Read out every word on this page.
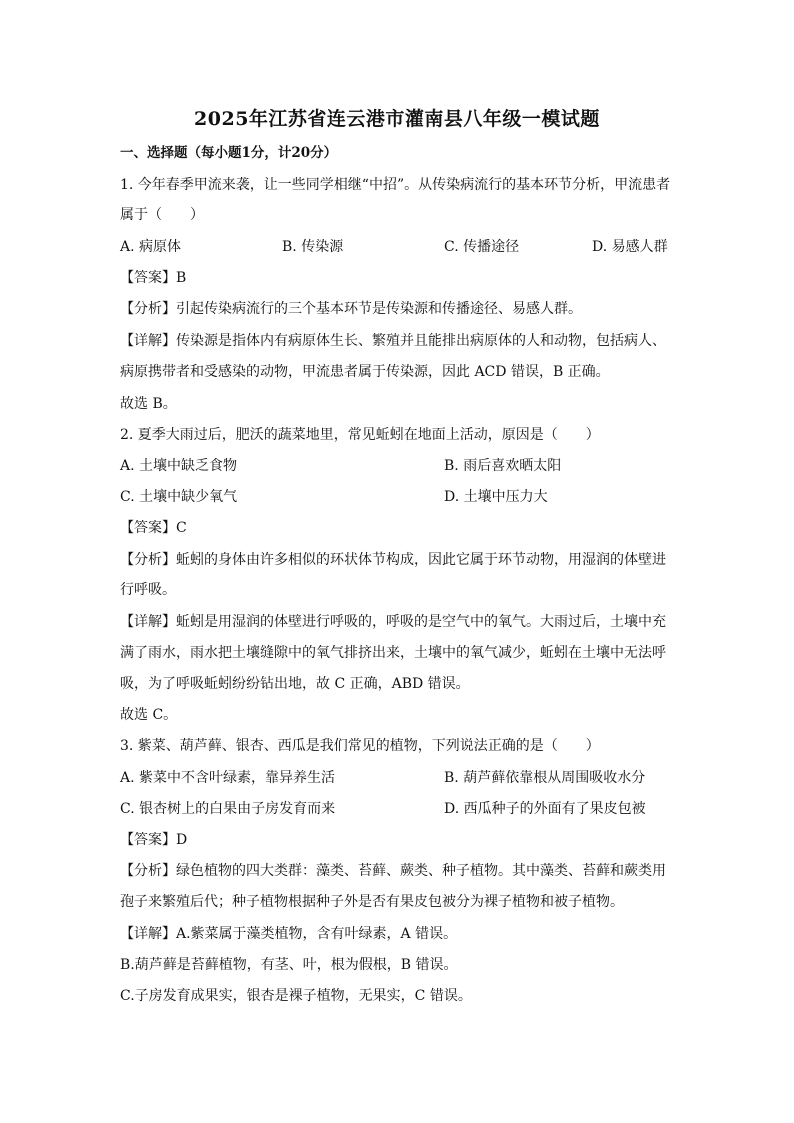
2025年江苏省连云港市灌南县八年级一模试题
一、选择题（每小题1分，计20分）
1. 今年春季甲流来袭，让一些同学相继“中招”。从传染病流行的基本环节分析，甲流患者
属于（　　）
A. 病原体	B. 传染源	C. 传播途径	D. 易感人群
【答案】B
【分析】引起传染病流行的三个基本环节是传染源和传播途径、易感人群。
【详解】传染源是指体内有病原体生长、繁殖并且能排出病原体的人和动物，包括病人、
病原携带者和受感染的动物，甲流患者属于传染源，因此 ACD 错误，B 正确。
故选 B。
2. 夏季大雨过后，肥沃的蔬菜地里，常见蚯蚓在地面上活动，原因是（　　）
A. 土壤中缺乏食物	B. 雨后喜欢晒太阳
C. 土壤中缺少氧气	D. 土壤中压力大
【答案】C
【分析】蚯蚓的身体由许多相似的环状体节构成，因此它属于环节动物，用湿润的体壁进
行呼吸。
【详解】蚯蚓是用湿润的体壁进行呼吸的，呼吸的是空气中的氧气。大雨过后，土壤中充
满了雨水，雨水把土壤缝隙中的氧气排挤出来，土壤中的氧气减少，蚯蚓在土壤中无法呼
吸，为了呼吸蚯蚓纷纷钻出地，故 C 正确，ABD 错误。
故选 C。
3. 紫菜、葫芦藓、银杏、西瓜是我们常见的植物，下列说法正确的是（　　）
A. 紫菜中不含叶绿素，靠异养生活	B. 葫芦藓依靠根从周围吸收水分
C. 银杏树上的白果由子房发育而来	D. 西瓜种子的外面有了果皮包被
【答案】D
【分析】绿色植物的四大类群：藻类、苔藓、蕨类、种子植物。其中藻类、苔藓和蕨类用
孢子来繁殖后代；种子植物根据种子外是否有果皮包被分为裸子植物和被子植物。
【详解】A.紫菜属于藻类植物，含有叶绿素，A 错误。
B.葫芦藓是苔藓植物，有茎、叶，根为假根，B 错误。
C.子房发育成果实，银杏是裸子植物，无果实，C 错误。
